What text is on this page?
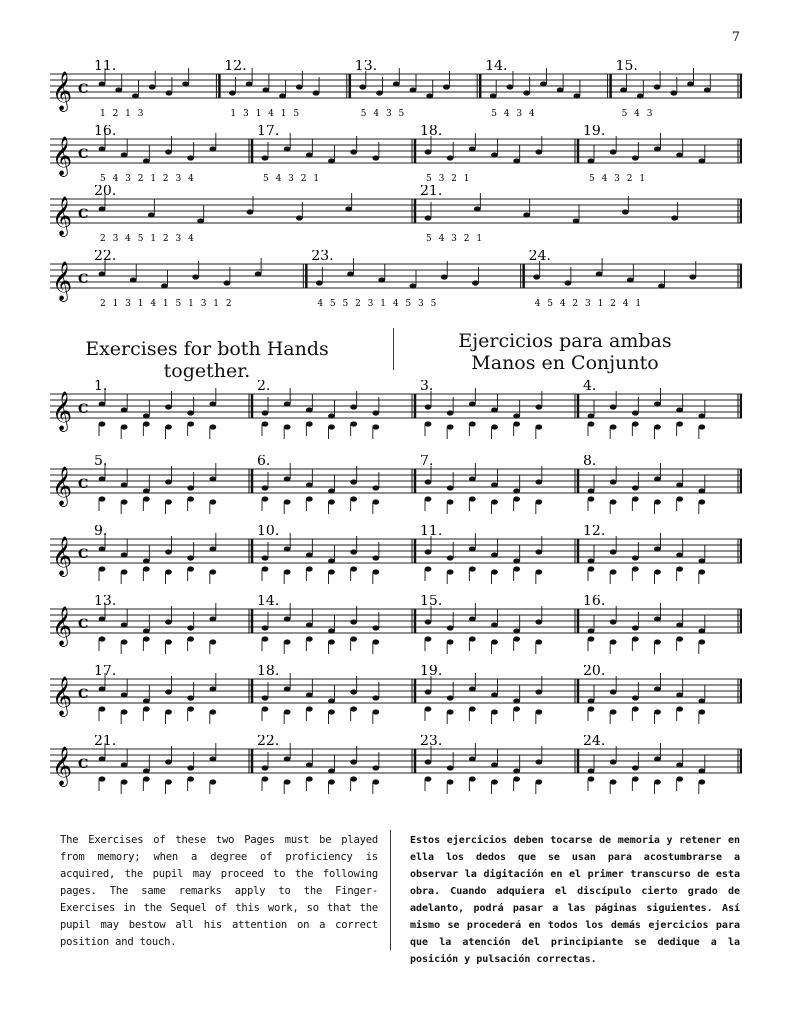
7
𝄞 C
11.	12.	13.	14.	15.
1 2 1 3	1 3 1 4 1 5	5 4 3 5	5 4 3 4	5 4 3
𝄞 C
16.	17.	18.	19.
5 4 3 2 1 2 3 4	5 4 3 2 1	5 3 2 1	5 4 3 2 1
𝄞 C
20.	21.
2 3 4 5 1 2 3 4	5 4 3 2 1
𝄞 C
22.	23.	24.
2 1 3 1 4 1 5 1 3 1 2	4 5 5 2 3 1 4 5 3 5	4 5 4 2 3 1 2 4 1
Exercises for both Hands together.
Ejercicios para ambas Manos en Conjunto
𝄞 C
1.	2.	3.	4.
𝄞 C
5.	6.	7.	8.
𝄞 C
9.	10.	11.	12.
𝄞 C
13.	14.	15.	16.
𝄞 C
17.	18.	19.	20.
𝄞 C
21.	22.	23.	24.
The Exercises of these two Pages must be played from memory; when a degree of proficiency is acquired, the pupil may proceed to the following pages. The same remarks apply to the Finger-Exercises in the Sequel of this work, so that the pupil may bestow all his attention on a correct position and touch.
Estos ejercicios deben tocarse de memoria y retener en ella los dedos que se usan para acostumbrarse a observar la digitación en el primer transcurso de esta obra. Cuando adquiera el discípulo cierto grado de adelanto, podrá pasar a las páginas siguientes. Así mismo se procederá en todos los demás ejercicios para que la atención del principiante se dedique a la posición y pulsación correctas.
